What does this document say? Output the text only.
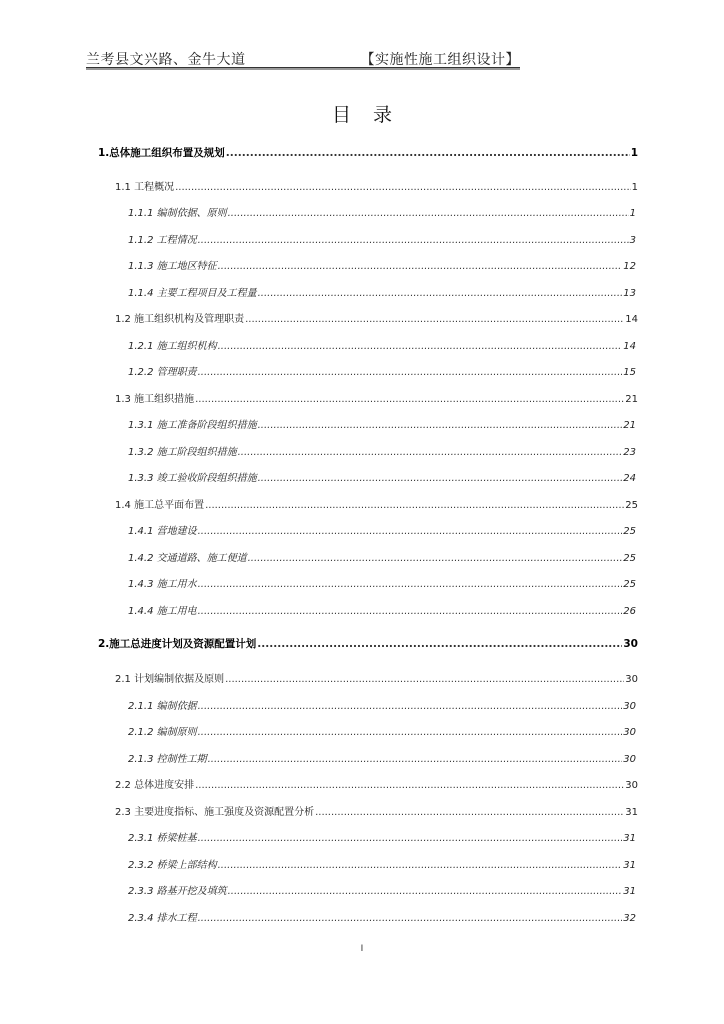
兰考县文兴路、金牛大道	【实施性施工组织设计】
目录
1.总体施工组织布置及规划 .....	1
1.1 工程概况 .....	1
1.1.1 编制依据、原则 .....	1
1.1.2 工程情况 .....	3
1.1.3 施工地区特征 .....	12
1.1.4 主要工程项目及工程量 .....	13
1.2 施工组织机构及管理职责 .....	14
1.2.1 施工组织机构 .....	14
1.2.2 管理职责 .....	15
1.3 施工组织措施 .....	21
1.3.1 施工准备阶段组织措施 .....	21
1.3.2 施工阶段组织措施 .....	23
1.3.3 竣工验收阶段组织措施 .....	24
1.4 施工总平面布置 .....	25
1.4.1 营地建设 .....	25
1.4.2 交通道路、施工便道 .....	25
1.4.3 施工用水 .....	25
1.4.4 施工用电 .....	26
2.施工总进度计划及资源配置计划 .....	30
2.1 计划编制依据及原则 .....	30
2.1.1 编制依据 .....	30
2.1.2 编制原则 .....	30
2.1.3 控制性工期 .....	30
2.2 总体进度安排 .....	30
2.3 主要进度指标、施工强度及资源配置分析 .....	31
2.3.1 桥梁桩基 .....	31
2.3.2 桥梁上部结构 .....	31
2.3.3 路基开挖及填筑 .....	31
2.3.4 排水工程 .....	32
I
